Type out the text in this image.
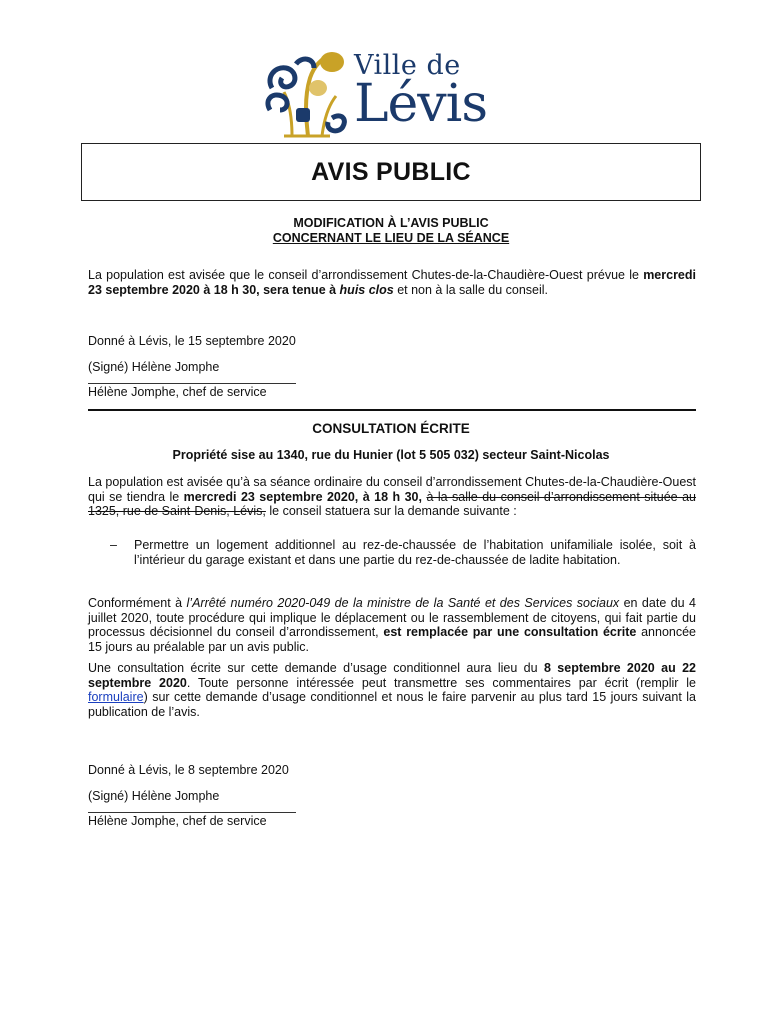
Ville de
Lévis
AVIS PUBLIC
MODIFICATION À L’AVIS PUBLIC
CONCERNANT LE LIEU DE LA SÉANCE
La population est avisée que le conseil d’arrondissement Chutes-de-la-Chaudière-Ouest prévue le mercredi 23 septembre 2020 à 18 h 30, sera tenue à huis clos et non à la salle du conseil.
Donné à Lévis, le 15 septembre 2020
(Signé) Hélène Jomphe
Hélène Jomphe, chef de service
CONSULTATION ÉCRITE
Propriété sise au 1340, rue du Hunier (lot 5 505 032) secteur Saint-Nicolas
La population est avisée qu’à sa séance ordinaire du conseil d’arrondissement Chutes-de-la-Chaudière-Ouest qui se tiendra le mercredi 23 septembre 2020, à 18 h 30, à la salle du conseil d’arrondissement située au 1325, rue de Saint-Denis, Lévis, le conseil statuera sur la demande suivante :
– Permettre un logement additionnel au rez-de-chaussée de l’habitation unifamiliale isolée, soit à l’intérieur du garage existant et dans une partie du rez-de-chaussée de ladite habitation.
Conformément à l’Arrêté numéro 2020-049 de la ministre de la Santé et des Services sociaux en date du 4 juillet 2020, toute procédure qui implique le déplacement ou le rassemblement de citoyens, qui fait partie du processus décisionnel du conseil d’arrondissement, est remplacée par une consultation écrite annoncée 15 jours au préalable par un avis public.
Une consultation écrite sur cette demande d’usage conditionnel aura lieu du 8 septembre 2020 au 22 septembre 2020. Toute personne intéressée peut transmettre ses commentaires par écrit (remplir le formulaire) sur cette demande d’usage conditionnel et nous le faire parvenir au plus tard 15 jours suivant la publication de l’avis.
Donné à Lévis, le 8 septembre 2020
(Signé) Hélène Jomphe
Hélène Jomphe, chef de service
